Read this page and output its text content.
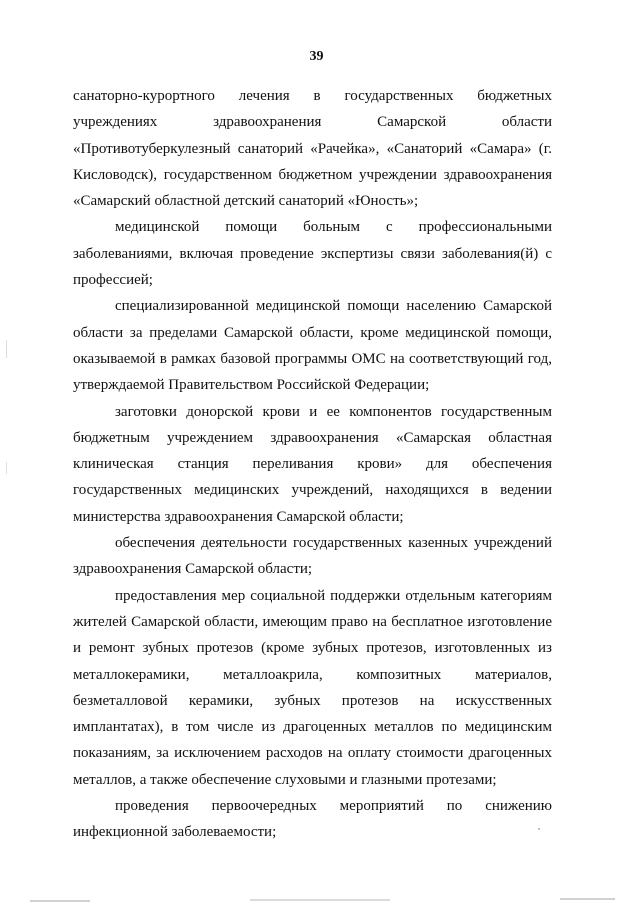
39

санаторно-курортного лечения в государственных бюджетных учреждениях здравоохранения Самарской области «Противотуберкулезный санаторий «Рачейка», «Санаторий «Самара» (г. Кисловодск), государственном бюджетном учреждении здравоохранения «Самарский областной детский санаторий «Юность»;

медицинской помощи больным с профессиональными заболеваниями, включая проведение экспертизы связи заболевания(й) с профессией;

специализированной медицинской помощи населению Самарской области за пределами Самарской области, кроме медицинской помощи, оказываемой в рамках базовой программы ОМС на соответствующий год, утверждаемой Правительством Российской Федерации;

заготовки донорской крови и ее компонентов государственным бюджетным учреждением здравоохранения «Самарская областная клиническая станция переливания крови» для обеспечения государственных медицинских учреждений, находящихся в ведении министерства здравоохранения Самарской области;

обеспечения деятельности государственных казенных учреждений здравоохранения Самарской области;

предоставления мер социальной поддержки отдельным категориям жителей Самарской области, имеющим право на бесплатное изготовление и ремонт зубных протезов (кроме зубных протезов, изготовленных из металлокерамики, металлоакрила, композитных материалов, безметалловой керамики, зубных протезов на искусственных имплантатах), в том числе из драгоценных металлов по медицинским показаниям, за исключением расходов на оплату стоимости драгоценных металлов, а также обеспечение слуховыми и глазными протезами;

проведения первоочередных мероприятий по снижению инфекционной заболеваемости;
